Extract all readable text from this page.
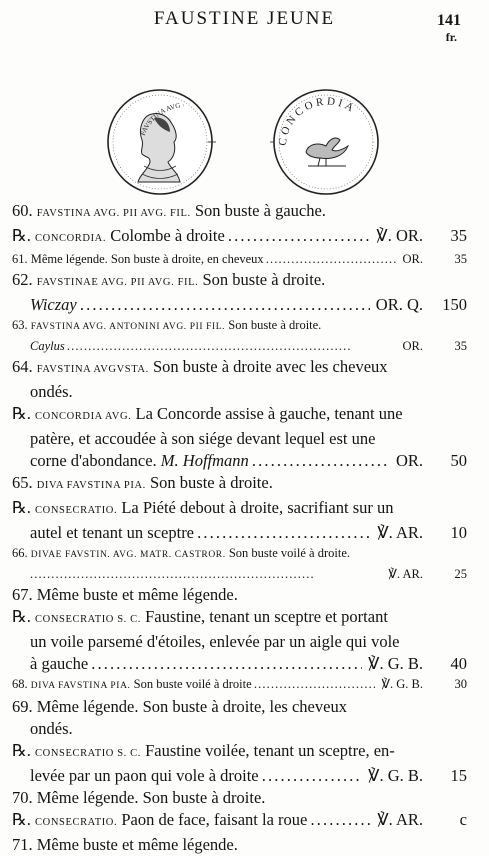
FAUSTINE JEUNE	141
fr.
FAVSTINA AVG ·
CONCORDIA
60. FAVSTINA AVG. PII AVG. FIL. Son buste à gauche.
℞. CONCORDIA. Colombe à droite . . .	℣. OR. 35
61. Même légende. Son buste à droite, en cheveux . . .	OR.	35
62. FAVSTINAE AVG. PII AVG. FIL. Son buste à droite.
Wiczay . . .	OR. Q. 150
63. FAVSTINA AVG. ANTONINI AVG. PII FIL. Son buste à droite.
Caylus . . .	OR.	35
64. FAVSTINA AVGVSTA. Son buste à droite avec les cheveux
ondés.
℞. CONCORDIA AVG. La Concorde assise à gauche, tenant une
patère, et accoudée à son siége devant lequel est une
corne d'abondance. M. Hoffmann . . .	OR. 50
65. DIVA FAVSTINA PIA. Son buste à droite.
℞. CONSECRATIO. La Piété debout à droite, sacrifiant sur un
autel et tenant un sceptre . . .	℣. AR. 10
66. DIVAE FAVSTIN. AVG. MATR. CASTROR. Son buste voilé à droite.
. . .
℣. AR.	25
67. Même buste et même légende.
℞. CONSECRATIO S. C. Faustine, tenant un sceptre et portant
un voile parsemé d'étoiles, enlevée par un aigle qui vole
à gauche . . .	℣. G. B. 40
68. DIVA FAVSTINA PIA. Son buste voilé à droite . . .	℣. G. B.	30
69. Même légende. Son buste à droite, les cheveux
ondés.
℞. CONSECRATIO S. C. Faustine voilée, tenant un sceptre, en-
levée par un paon qui vole à droite . . .	℣. G. B. 15
70. Même légende. Son buste à droite.
℞. CONSECRATIO. Paon de face, faisant la roue . . .	℣. AR. c
71. Même buste et même légende.
